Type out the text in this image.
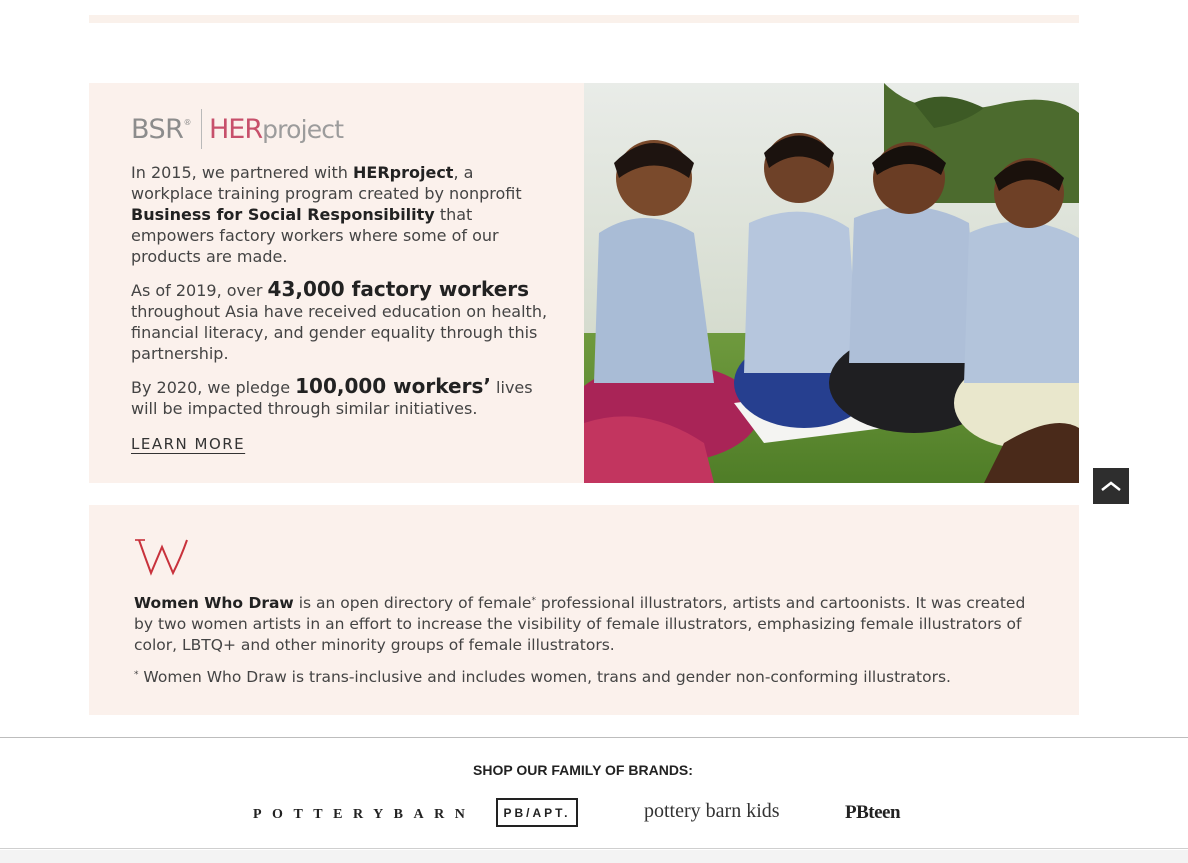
BSR® HER project

In 2015, we partnered with HERproject, a workplace training program created by nonprofit Business for Social Responsibility that empowers factory workers where some of our products are made.

As of 2019, over 43,000 factory workers throughout Asia have received education on health, financial literacy, and gender equality through this partnership.

By 2020, we pledge 100,000 workers’ lives will be impacted through similar initiatives.

LEARN MORE

Women Who Draw is an open directory of female* professional illustrators, artists and cartoonists. It was created by two women artists in an effort to increase the visibility of female illustrators, emphasizing female illustrators of color, LBTQ+ and other minority groups of female illustrators.

* Women Who Draw is trans-inclusive and includes women, trans and gender non-conforming illustrators.

SHOP OUR FAMILY OF BRANDS:
POTTERYBARN	PB/APT.	pottery barn kids	PBteen
